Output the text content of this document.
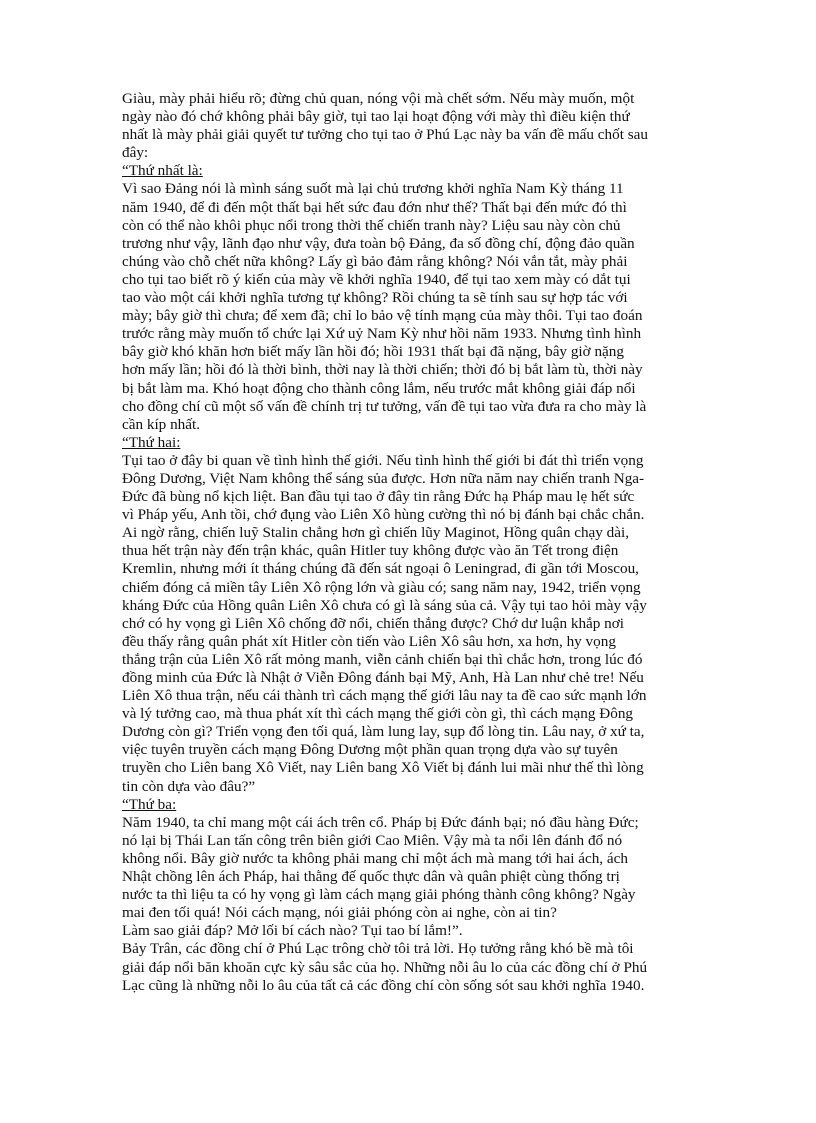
Giàu, mày phải hiểu rõ; đừng chủ quan, nóng vội mà chết sớm. Nếu mày muốn, một
ngày nào đó chớ không phải bây giờ, tụi tao lại hoạt động với mày thì điều kiện thứ
nhất là mày phải giải quyết tư tưởng cho tụi tao ở Phú Lạc này ba vấn đề mấu chốt sau
đây:
“Thứ nhất là:
Vì sao Đảng nói là mình sáng suốt mà lại chủ trương khởi nghĩa Nam Kỳ tháng 11
năm 1940, để đi đến một thất bại hết sức đau đớn như thế? Thất bại đến mức đó thì
còn có thể nào khôi phục nổi trong thời thế chiến tranh này? Liệu sau này còn chủ
trương như vậy, lãnh đạo như vậy, đưa toàn bộ Đảng, đa số đồng chí, động đảo quần
chúng vào chỗ chết nữa không? Lấy gì bảo đảm rằng không? Nói vắn tắt, mày phải
cho tụi tao biết rõ ý kiến của mày về khởi nghĩa 1940, để tụi tao xem mày có dắt tụi
tao vào một cái khởi nghĩa tương tự không? Rồi chúng ta sẽ tính sau sự hợp tác với
mày; bây giờ thì chưa; để xem đã; chỉ lo bảo vệ tính mạng của mày thôi. Tụi tao đoán
trước rằng mày muốn tổ chức lại Xứ uỷ Nam Kỳ như hồi năm 1933. Nhưng tình hình
bây giờ khó khăn hơn biết mấy lần hồi đó; hồi 1931 thất bại đã nặng, bây giờ nặng
hơn mấy lần; hồi đó là thời bình, thời nay là thời chiến; thời đó bị bắt làm tù, thời này
bị bắt làm ma. Khó hoạt động cho thành công lắm, nếu trước mắt không giải đáp nổi
cho đồng chí cũ một số vấn đề chính trị tư tưởng, vấn đề tụi tao vừa đưa ra cho mày là
cần kíp nhất.
“Thứ hai:
Tụi tao ở đây bi quan về tình hình thế giới. Nếu tình hình thế giới bi đát thì triển vọng
Đông Dương, Việt Nam không thể sáng sủa được. Hơn nữa năm nay chiến tranh Nga-
Đức đã bùng nổ kịch liệt. Ban đầu tụi tao ở đây tin rằng Đức hạ Pháp mau lẹ hết sức
vì Pháp yếu, Anh tồi, chớ đụng vào Liên Xô hùng cường thì nó bị đánh bại chắc chắn.
Ai ngờ rằng, chiến luỹ Stalin chẳng hơn gì chiến lũy Maginot, Hồng quân chạy dài,
thua hết trận này đến trận khác, quân Hitler tuy không được vào ăn Tết trong điện
Kremlin, nhưng mới ít tháng chúng đã đến sát ngoại ô Leningrad, đi gần tới Moscou,
chiếm đóng cả miền tây Liên Xô rộng lớn và giàu có; sang năm nay, 1942, triển vọng
kháng Đức của Hồng quân Liên Xô chưa có gì là sáng sủa cả. Vậy tụi tao hỏi mày vậy
chớ có hy vọng gì Liên Xô chống đỡ nổi, chiến thắng được? Chớ dư luận khắp nơi
đều thấy rằng quân phát xít Hitler còn tiến vào Liên Xô sâu hơn, xa hơn, hy vọng
thắng trận của Liên Xô rất mỏng manh, viễn cảnh chiến bại thì chắc hơn, trong lúc đó
đồng minh của Đức là Nhật ở Viễn Đông đánh bại Mỹ, Anh, Hà Lan như chẻ tre! Nếu
Liên Xô thua trận, nếu cái thành trì cách mạng thế giới lâu nay ta đề cao sức mạnh lớn
và lý tưởng cao, mà thua phát xít thì cách mạng thế giới còn gì, thì cách mạng Đông
Dương còn gì? Triển vọng đen tối quá, làm lung lay, sụp đổ lòng tin. Lâu nay, ở xứ ta,
việc tuyên truyền cách mạng Đông Dương một phần quan trọng dựa vào sự tuyên
truyền cho Liên bang Xô Viết, nay Liên bang Xô Viết bị đánh lui mãi như thế thì lòng
tin còn dựa vào đâu?”
“Thứ ba:
Năm 1940, ta chỉ mang một cái ách trên cổ. Pháp bị Đức đánh bại; nó đầu hàng Đức;
nó lại bị Thái Lan tấn công trên biên giới Cao Miên. Vậy mà ta nổi lên đánh đổ nó
không nổi. Bây giờ nước ta không phải mang chỉ một ách mà mang tới hai ách, ách
Nhật chồng lên ách Pháp, hai thằng đế quốc thực dân và quân phiệt cùng thống trị
nước ta thì liệu ta có hy vọng gì làm cách mạng giải phóng thành công không? Ngày
mai đen tối quá! Nói cách mạng, nói giải phóng còn ai nghe, còn ai tin?
Làm sao giải đáp? Mở lối bí cách nào? Tụi tao bí lắm!”.
Bảy Trân, các đồng chí ở Phú Lạc trông chờ tôi trả lời. Họ tưởng rằng khó bề mà tôi
giải đáp nổi băn khoăn cực kỳ sâu sắc của họ. Những nỗi âu lo của các đồng chí ở Phú
Lạc cũng là những nỗi lo âu của tất cả các đồng chí còn sống sót sau khởi nghĩa 1940.
